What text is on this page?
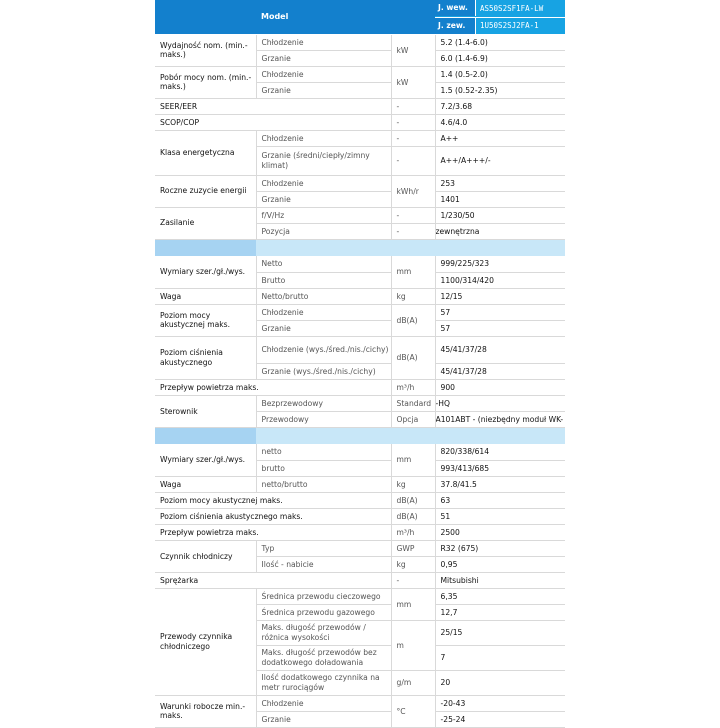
Model			J. wew. AS50S2SF1FA-LW

			J. zew. 1U50S2SJ2FA-1

Wydajność nom. (min.-maks.)	Chłodzenie	kW	5.2 (1.4-6.0)
	Grzanie		6.0 (1.4-6.9)
Pobór mocy nom. (min.-maks.)	Chłodzenie	kW	1.4 (0.5-2.0)
	Grzanie		1.5 (0.52-2.35)
SEER/EER		-	7.2/3.68
SCOP/COP		-	4.6/4.0
Klasa energetyczna	Chłodzenie	-	A++
	Grzanie (średni/ciepły/zimny klimat)	-	A++/A+++/-
Roczne zuzycie energii	Chłodzenie	kWh/r	253
	Grzanie		1401
Zasilanie	f/V/Hz	-	1/230/50
	Pozycja	-	zewnętrzna

Wymiary szer./gł./wys.	Netto	mm	999/225/323
	Brutto		1100/314/420
Waga	Netto/brutto	kg	12/15
Poziom mocy akustycznej maks.	Chłodzenie	dB(A)	57
	Grzanie		57
Poziom ciśnienia akustycznego	Chłodzenie (wys./śred./nis./cichy)	dB(A)	45/41/37/28
	Grzanie (wys./śred./nis./cichy)		45/41/37/28
Przepływ powietrza maks.		m³/h	900
Sterownik	Bezprzewodowy	Standard	-HQ
	Przewodowy	Opcja	A101ABT - (niezbędny moduł WK-

Wymiary szer./gł./wys.	netto	mm	820/338/614
	brutto		993/413/685
Waga	netto/brutto	kg	37.8/41.5
Poziom mocy akustycznej maks.		dB(A)	63
Poziom ciśnienia akustycznego maks.		dB(A)	51
Przepływ powietrza maks.		m³/h	2500
Czynnik chłodniczy	Typ	GWP	R32 (675)
	Ilość - nabicie	kg	0,95
Sprężarka		-	Mitsubishi
Przewody czynnika chłodniczego	Średnica przewodu cieczowego	mm	6,35
	Średnica przewodu gazowego		12,7
	Maks. długość przewodów / różnica wysokości	m	25/15
	Maks. długość przewodów bez dodatkowego doładowania		7
	Ilość dodatkowego czynnika na metr rurociągów	g/m	20
Warunki robocze min.-maks.	Chłodzenie	°C	-20-43
	Grzanie		-25-24
